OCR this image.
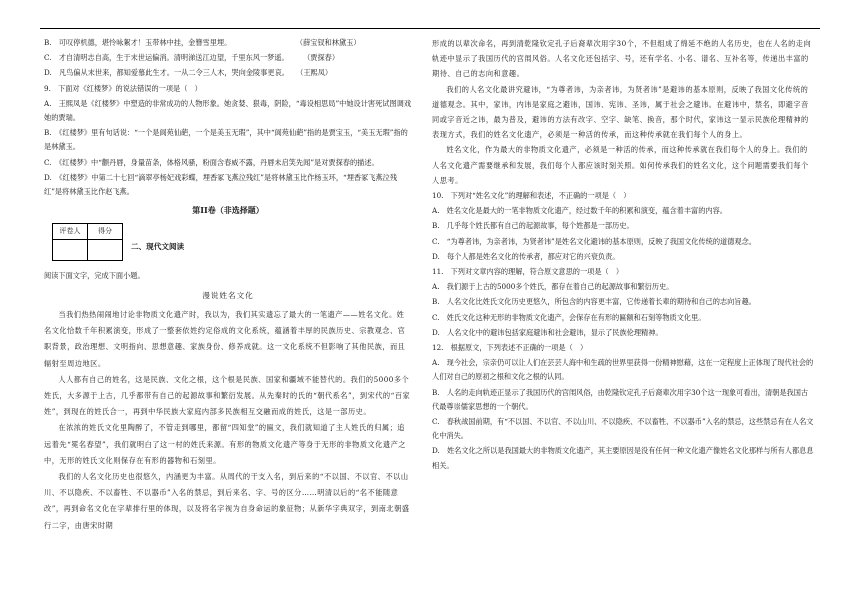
B.　可叹停机德，堪怜咏絮才！玉带林中挂，金簪雪里埋。　　　　　　　　　　（薛宝钗和林黛玉）

C.　才自清明志自高，生于末世运偏消。清明涕送江边望，千里东风一梦遥。　　　（贾探春）

D.　凡鸟偏从末世来，都知爱慕此生才。一从二令三人木，哭向金陵事更哀。　　（王熙凤）

9.　下面对《红楼梦》的说法错误的一项是（　）

A.　王熙凤是《红楼梦》中塑造的非常成功的人物形象。她贪婪、狠毒，阴险，“毒设相思局”中她设计害死试图调戏她的贾瑞。

B.　《红楼梦》里有句话说：“一个是阆苑仙葩，一个是美玉无瑕”，其中“阆苑仙葩”指的是贾宝玉，“美玉无瑕”指的是林黛玉。

C.　《红楼梦》中“颧丹唇，身量苗条，体格风骚，粉面含春威不露，丹唇未启笑先闻”是对贾探春的描述。

D.　《红楼梦》中第二十七回“滴翠亭杨妃戏彩蝶，埋香冢飞燕泣残红”是将林黛玉比作杨玉环，“埋香冢飞燕泣残红”是将林黛玉比作赵飞燕。

第II卷（非选择题）
评卷人	得分

二、现代文阅读

阅读下面文字，完成下面小题。

漫说姓名文化

当我们热热闹闹地讨论非物质文化遗产时，我以为，我们其实遗忘了最大的一笔遗产——姓名文化。姓名文化恰数千年积累演变，形成了一整套依姓约定俗成的文化系统，蕴涵着丰厚的民族历史、宗教观念、官职背景，政治理想、文明指向、思想意趣、家族身份、修养成就。这一文化系统不但影响了其他民族，而且辐射至周边地区。

人人都有自己的姓名，这是民族、文化之根，这个根是民族、国家和疆域不能替代的。我们的5000多个姓氏，大多源于上古，几乎都带有自己的起源故事和繁衍发展。从先秦时的氏的“朝代系名”，到宋代的“百家姓”，到现在的姓氏合一，再到中华民族大家庭内部多民族相互交融而成的姓氏，这是一部历史。

在浓浓的姓氏文化里陶醉了，不管走到哪里，都留“四知堂”的匾文，我们就知道了主人姓氏的归属；追远着先“冕名春望”，我们就明白了这一村的姓氏来源。有形的物质文化遗产等身于无形的非物质文化遗产之中，无形的姓氏文化则保存在有形的器物和石刻里。

我们的人名文化历史也很悠久，内涵更为丰富。从周代的干支入名，到后来的“不以国、不以官、不以山川、不以隐疾、不以畜牲、不以器币”入名的禁忌，到后来名、字、号的区分……明清以后的“名不能随意改”，再到命名文化在字辈排行里的体现，以及将名字视为自身命运的象征物；从新华字典双字，到南北朝盛行二字，由唐宋时期

形成的以辈次命名，再到清乾隆钦定孔子后裔辈次用字30个，不但组成了绵延不绝的人名历史，也在人名的走向轨迹中显示了我国历代的宫闱风俗。人名文化还包括字、号，还有学名、小名、谱名、互补名等，传递出丰富的期待、自己的志向和意趣。

我们的人名文化最讲究避讳，“为尊者讳，为亲者讳，为贤者讳”是避讳的基本原则，反映了我国文化传统的道德观念。其中，家讳，内讳是家庭之避讳，国讳、宪讳、圣讳，属于社会之避讳。在避讳中，禁名，即避字音同或字音近之讳，最为普及，避讳的方法有改字、空字、缺笔、换音，那个时代，家讳这一显示民族伦理精神的表现方式，我们的姓名文化遗产，必须是一种活的传承，而这种传承就在我们每个人的身上。

姓名文化，作为最大的非物质文化遗产，必须是一种活的传承，而这种传承就在我们每个人的身上。我们的人名文化遗产需要继承和发展，我们每个人都应该时刻关照。如何传承我们的姓名文化，这个问题需要我们每个人思考。

10.　下列对“姓名文化”的理解和表述，不正确的一项是（　）

A.　姓名文化是最大的一笔非物质文化遗产，经过数千年的积累和演变，蕴含着丰富的内容。

B.　几乎每个姓氏都有自己的起源故事，每个姓都是一部历史。

C.　“为尊者讳，为亲者讳，为贤者讳”是姓名文化避讳的基本原则，反映了我国文化传统的道德观念。

D.　每个人都是姓名文化的传承者，都应对它的兴衰负责。

11.　下列对文章内容的理解，符合原文意思的一项是（　）

A.　我们源于上古的5000多个姓氏，都存在着自己的起源故事和繁衍历史。

B.　人名文化比姓氏文化历史更悠久，所包含的内容更丰富，它传递着长辈的期待和自己的志向旨趣。

C.　姓氏文化这种无形的非物质文化遗产，会保存在有形的匾额和石刻等物质文化里。

D.　人名文化中的避讳包括家庭避讳和社会避讳，显示了民族伦理精神。

12.　根据原文，下列表述不正确的一项是（　）

A.　现今社会，宗亲仍可以让人们在芸芸人海中和生疏的世界里获得一份精神慰藉，这在一定程度上正体现了现代社会的人们对自己的原初之根和文化之根的认同。

B.　人名的走向轨迹正显示了我国历代的宫闱风俗，由乾隆钦定孔子后裔辈次用字30个这一现象可看出，清朝是我国古代最尊崇儒家思想的一个朝代。

C.　春秋战国前期，有“不以国、不以官、不以山川、不以隐疾、不以畜牲、不以器币”入名的禁忌，这些禁忌有在人名文化中消失。

D.　姓名文化之所以是我国最大的非物质文化遗产，其主要原因是没有任何一种文化遗产像姓名文化那样与所有人都息息相关。
